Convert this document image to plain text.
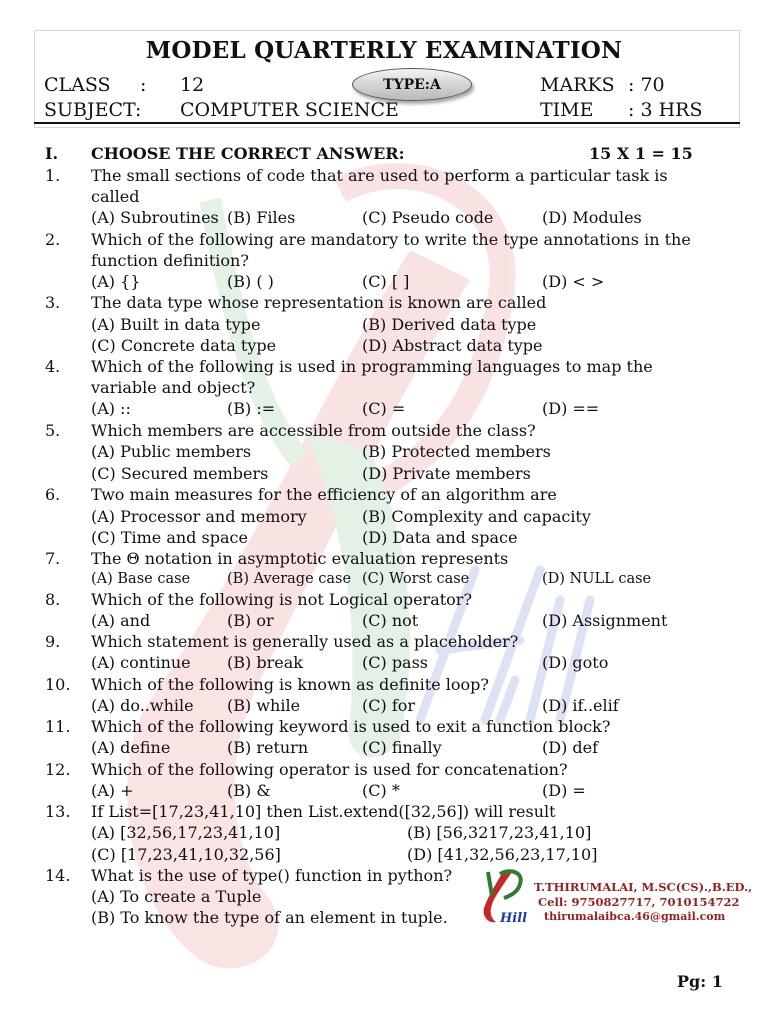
MODEL QUARTERLY EXAMINATION
CLASS : 12	TYPE:A	MARKS : 70
SUBJECT: COMPUTER SCIENCE	TIME : 3 HRS
I. CHOOSE THE CORRECT ANSWER:	15 X 1 = 15
1. The small sections of code that are used to perform a particular task is
called
(A) Subroutines (B) Files	(C) Pseudo code	(D) Modules
2. Which of the following are mandatory to write the type annotations in the
function definition?
(A) {}	(B) ( )	(C) [ ]	(D) < >
3. The data type whose representation is known are called
(A) Built in data type	(B) Derived data type
(C) Concrete data type	(D) Abstract data type
4. Which of the following is used in programming languages to map the
variable and object?
(A) ::	(B) :=	(C) =	(D) ==
5. Which members are accessible from outside the class?
(A) Public members	(B) Protected members
(C) Secured members	(D) Private members
6. Two main measures for the efficiency of an algorithm are
(A) Processor and memory	(B) Complexity and capacity
(C) Time and space	(D) Data and space
7. The Θ notation in asymptotic evaluation represents
(A) Base case	(B) Average case (C) Worst case	(D) NULL case
8. Which of the following is not Logical operator?
(A) and	(B) or	(C) not	(D) Assignment
9. Which statement is generally used as a placeholder?
(A) continue (B) break	(C) pass	(D) goto
10. Which of the following is known as definite loop?
(A) do..while (B) while	(C) for	(D) if..elif
11. Which of the following keyword is used to exit a function block?
(A) define	(B) return	(C) finally	(D) def
12. Which of the following operator is used for concatenation?
(A) +	(B) &	(C) *	(D) =
13. If List=[17,23,41,10] then List.extend([32,56]) will result
(A) [32,56,17,23,41,10]	(B) [56,3217,23,41,10]
(C) [17,23,41,10,32,56]	(D) [41,32,56,23,17,10]
14. What is the use of type() function in python?
(A) To create a Tuple
(B) To know the type of an element in tuple.	Hill
T.THIRUMALAI, M.SC(CS).,B.ED.,
Cell: 9750827717, 7010154722
thirumalaibca.46@gmail.com
Pg: 1
